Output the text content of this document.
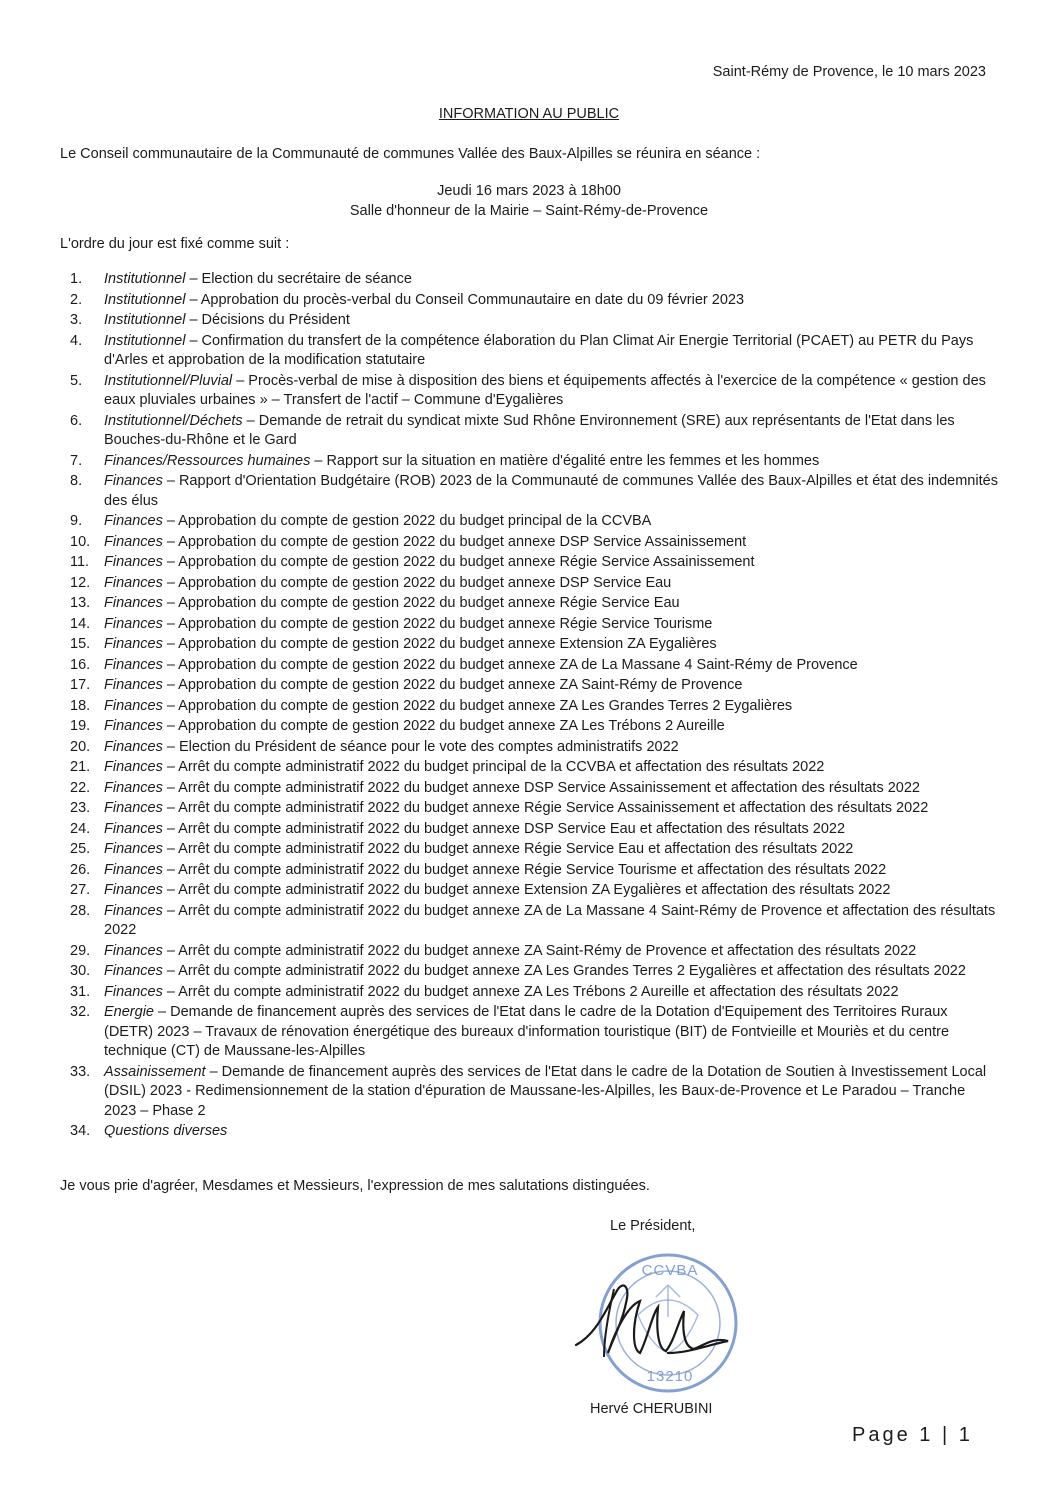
Saint-Rémy de Provence, le 10 mars 2023
INFORMATION AU PUBLIC
Le Conseil communautaire de la Communauté de communes Vallée des Baux-Alpilles se réunira en séance :
Jeudi 16 mars 2023 à 18h00
Salle d'honneur de la Mairie – Saint-Rémy-de-Provence
L'ordre du jour est fixé comme suit :
1. Institutionnel – Election du secrétaire de séance
2. Institutionnel – Approbation du procès-verbal du Conseil Communautaire en date du 09 février 2023
3. Institutionnel – Décisions du Président
4. Institutionnel – Confirmation du transfert de la compétence élaboration du Plan Climat Air Energie Territorial (PCAET) au PETR du Pays d'Arles et approbation de la modification statutaire
5. Institutionnel/Pluvial – Procès-verbal de mise à disposition des biens et équipements affectés à l'exercice de la compétence « gestion des eaux pluviales urbaines » – Transfert de l'actif – Commune d'Eygalières
6. Institutionnel/Déchets – Demande de retrait du syndicat mixte Sud Rhône Environnement (SRE) aux représentants de l'Etat dans les Bouches-du-Rhône et le Gard
7. Finances/Ressources humaines – Rapport sur la situation en matière d'égalité entre les femmes et les hommes
8. Finances – Rapport d'Orientation Budgétaire (ROB) 2023 de la Communauté de communes Vallée des Baux-Alpilles et état des indemnités des élus
9. Finances – Approbation du compte de gestion 2022 du budget principal de la CCVBA
10. Finances – Approbation du compte de gestion 2022 du budget annexe DSP Service Assainissement
11. Finances – Approbation du compte de gestion 2022 du budget annexe Régie Service Assainissement
12. Finances – Approbation du compte de gestion 2022 du budget annexe DSP Service Eau
13. Finances – Approbation du compte de gestion 2022 du budget annexe Régie Service Eau
14. Finances – Approbation du compte de gestion 2022 du budget annexe Régie Service Tourisme
15. Finances – Approbation du compte de gestion 2022 du budget annexe Extension ZA Eygalières
16. Finances – Approbation du compte de gestion 2022 du budget annexe ZA de La Massane 4 Saint-Rémy de Provence
17. Finances – Approbation du compte de gestion 2022 du budget annexe ZA Saint-Rémy de Provence
18. Finances – Approbation du compte de gestion 2022 du budget annexe ZA Les Grandes Terres 2 Eygalières
19. Finances – Approbation du compte de gestion 2022 du budget annexe ZA Les Trébons 2 Aureille
20. Finances – Election du Président de séance pour le vote des comptes administratifs 2022
21. Finances – Arrêt du compte administratif 2022 du budget principal de la CCVBA et affectation des résultats 2022
22. Finances – Arrêt du compte administratif 2022 du budget annexe DSP Service Assainissement et affectation des résultats 2022
23. Finances – Arrêt du compte administratif 2022 du budget annexe Régie Service Assainissement et affectation des résultats 2022
24. Finances – Arrêt du compte administratif 2022 du budget annexe DSP Service Eau et affectation des résultats 2022
25. Finances – Arrêt du compte administratif 2022 du budget annexe Régie Service Eau et affectation des résultats 2022
26. Finances – Arrêt du compte administratif 2022 du budget annexe Régie Service Tourisme et affectation des résultats 2022
27. Finances – Arrêt du compte administratif 2022 du budget annexe Extension ZA Eygalières et affectation des résultats 2022
28. Finances – Arrêt du compte administratif 2022 du budget annexe ZA de La Massane 4 Saint-Rémy de Provence et affectation des résultats 2022
29. Finances – Arrêt du compte administratif 2022 du budget annexe ZA Saint-Rémy de Provence et affectation des résultats 2022
30. Finances – Arrêt du compte administratif 2022 du budget annexe ZA Les Grandes Terres 2 Eygalières et affectation des résultats 2022
31. Finances – Arrêt du compte administratif 2022 du budget annexe ZA Les Trébons 2 Aureille et affectation des résultats 2022
32. Energie – Demande de financement auprès des services de l'Etat dans le cadre de la Dotation d'Equipement des Territoires Ruraux (DETR) 2023 – Travaux de rénovation énergétique des bureaux d'information touristique (BIT) de Fontvieille et Mouriès et du centre technique (CT) de Maussane-les-Alpilles
33. Assainissement – Demande de financement auprès des services de l'Etat dans le cadre de la Dotation de Soutien à Investissement Local (DSIL) 2023 - Redimensionnement de la station d'épuration de Maussane-les-Alpilles, les Baux-de-Provence et Le Paradou – Tranche 2023 – Phase 2
34. Questions diverses
Je vous prie d'agréer, Mesdames et Messieurs, l'expression de mes salutations distinguées.
Le Président,
CCVBA
13210
Hervé CHERUBINI
Page 1 | 1
